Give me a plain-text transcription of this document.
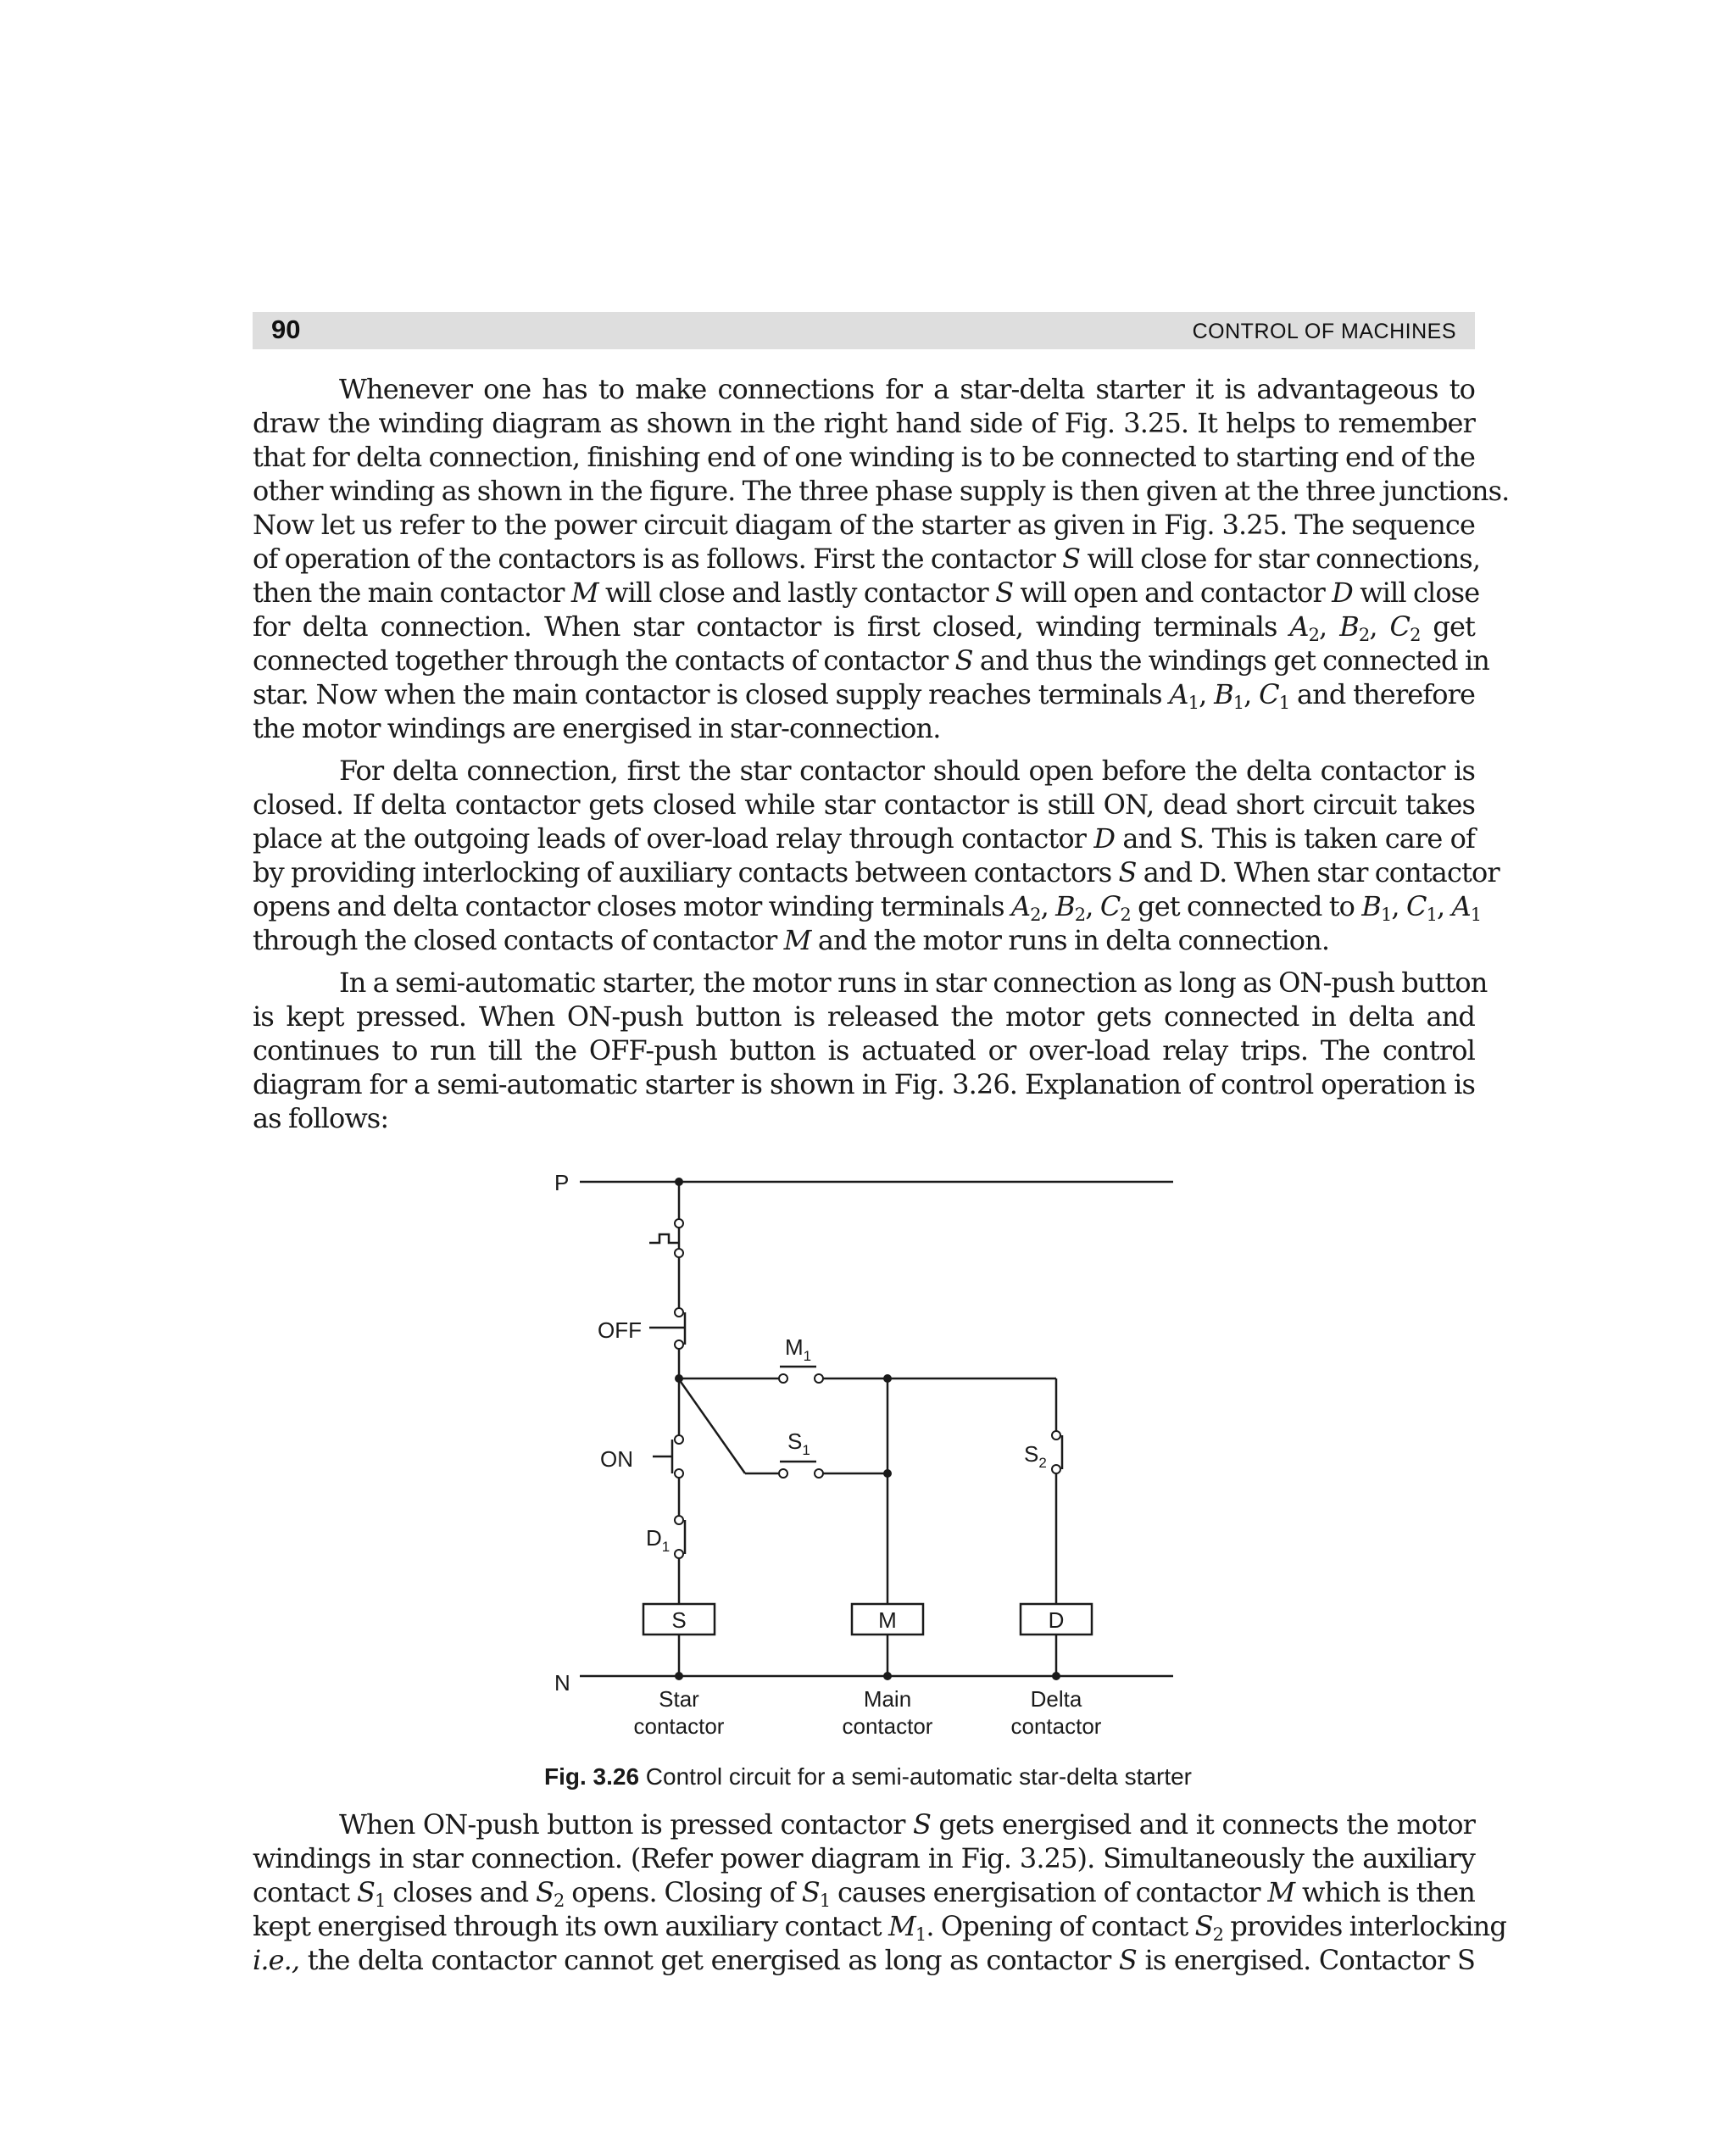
90	CONTROL OF MACHINES
Whenever one has to make connections for a star-delta starter it is advantageous to
draw the winding diagram as shown in the right hand side of Fig. 3.25. It helps to remember
that for delta connection, finishing end of one winding is to be connected to starting end of the
other winding as shown in the figure. The three phase supply is then given at the three junctions.
Now let us refer to the power circuit diagam of the starter as given in Fig. 3.25. The sequence
of operation of the contactors is as follows. First the contactor S will close for star connections,
then the main contactor M will close and lastly contactor S will open and contactor D will close
for delta connection. When star contactor is first closed, winding terminals $A_2$, $B_2$, $C_2$ get
connected together through the contacts of contactor S and thus the windings get connected in
star. Now when the main contactor is closed supply reaches terminals $A_1$, $B_1$, $C_1$ and therefore
the motor windings are energised in star-connection.
For delta connection, first the star contactor should open before the delta contactor is
closed. If delta contactor gets closed while star contactor is still ON, dead short circuit takes
place at the outgoing leads of over-load relay through contactor D and S. This is taken care of
by providing interlocking of auxiliary contacts between contactors S and D. When star contactor
opens and delta contactor closes motor winding terminals $A_2$, $B_2$, $C_2$ get connected to $B_1$, $C_1$, $A_1$
through the closed contacts of contactor M and the motor runs in delta connection.
In a semi-automatic starter, the motor runs in star connection as long as ON-push button
is kept pressed. When ON-push button is released the motor gets connected in delta and
continues to run till the OFF-push button is actuated or over-load relay trips. The control
diagram for a semi-automatic starter is shown in Fig. 3.26. Explanation of control operation is
as follows:
When ON-push button is pressed contactor S gets energised and it connects the motor
windings in star connection. (Refer power diagram in Fig. 3.25). Simultaneously the auxiliary
contact $S_1$ closes and $S_2$ opens. Closing of $S_1$ causes energisation of contactor M which is then
kept energised through its own auxiliary contact $M_1$. Opening of contact $S_2$ provides interlocking
i.e., the delta contactor cannot get energised as long as contactor S is energised. Contactor S
P
N
OFF
ON
$M_1$
$S_1$	$S_2$
$D_1$
S	M	D
Star
contactor
Main
contactor
Delta
contactor
Fig. 3.26 Control circuit for a semi-automatic star-delta starter
